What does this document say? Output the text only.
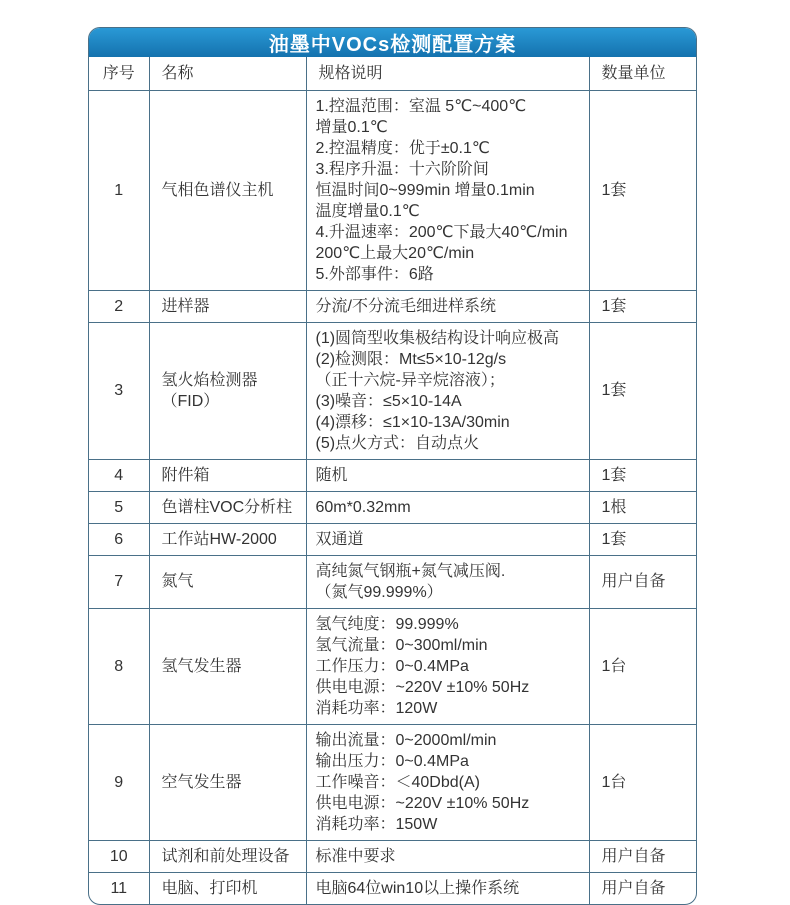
油墨中VOCs检测配置方案
序号	名称	规格说明	数量单位
1	气相色谱仪主机	
1.控温范围：室温 5℃~400℃
增量0.1℃
2.控温精度：优于±0.1℃
3.程序升温：十六阶阶间
恒温时间0~999min 增量0.1min
温度增量0.1℃
4.升温速率：200℃下最大40℃/min
200℃上最大20℃/min
5.外部事件：6路
	1套
2	进样器	分流/不分流毛细进样系统	1套
3	氢火焰检测器（FID）	
(1)圆筒型收集极结构设计响应极高
(2)检测限：Mt≤5×10-12g/s
（正十六烷-异辛烷溶液）；
(3)噪音：≤5×10-14A
(4)漂移：≤1×10-13A/30min
(5)点火方式：自动点火
	1套
4	附件箱	随机	1套
5	色谱柱VOC分析柱	60m*0.32mm	1根
6	工作站HW-2000	双通道	1套
7	氮气	高纯氮气钢瓶+氮气减压阀.
（氮气99.999%）	用户自备
8	氢气发生器	氢气纯度：99.999%
氢气流量：0~300ml/min
工作压力：0~0.4MPa
供电电源：~220V ±10% 50Hz
消耗功率：120W	1台
9	空气发生器	输出流量：0~2000ml/min
输出压力：0~0.4MPa
工作噪音：＜40Dbd(A)
供电电源：~220V ±10% 50Hz
消耗功率：150W	1台
10	试剂和前处理设备	标准中要求	用户自备
11	电脑、打印机	电脑64位win10以上操作系统	用户自备
